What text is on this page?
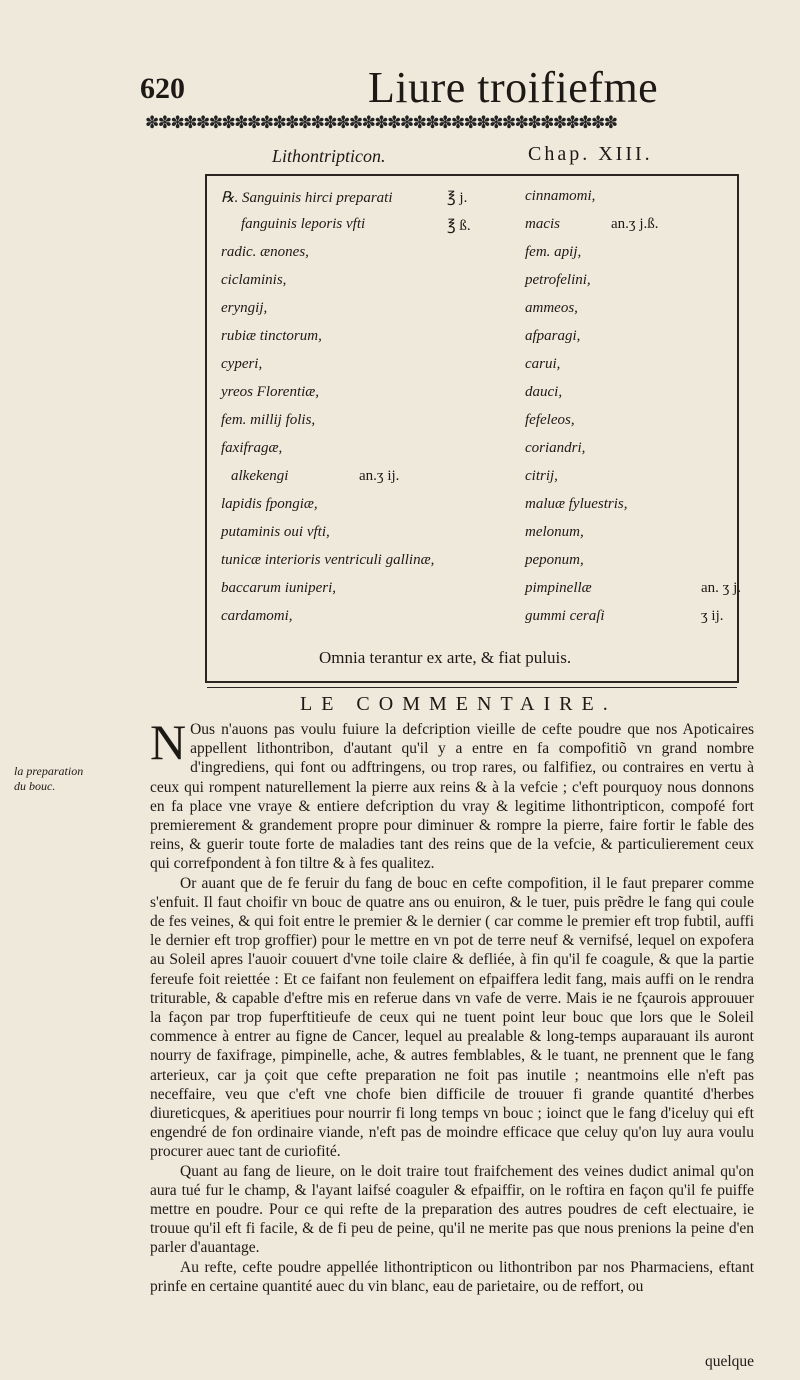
620	Liure troifiefme
✽✽✽✽✽✽✽✽✽✽✽✽✽✽✽✽✽✽✽✽✽✽✽✽✽✽✽✽✽✽✽✽✽✽✽✽✽
Lithontripticon.	Chap. XIII.
℞. Sanguinis hirci preparati	℥ j.
fanguinis leporis vfti	℥ ß.
radic. ænones,
ciclaminis,
eryngij,
rubiæ tinctorum,
cyperi,
yreos Florentiæ,
fem. millij folis,
faxifragæ,
alkekengi	an.ʒ ij.
lapidis fpongiæ,
putaminis oui vfti,
tunicæ interioris ventriculi gallinæ,
baccarum iuniperi,
cardamomi,
cinnamomi,
macis	an.ʒ j.ß.
fem. apij,
petrofelini,
ammeos,
afparagi,
carui,
dauci,
fefeleos,
coriandri,
citrij,
maluæ fyluestris,
melonum,
peponum,
pimpinellæ	an. ʒ j.
gummi ceraſi	ʒ ij.
Omnia terantur ex arte, & fiat puluis.
LE COMMENTAIRE.
la preparation du bouc.

N Ous n'auons pas voulu fuiure la defcription vieille de cefte poudre que nos Apoticaires appellent lithontribon, d'autant qu'il y a entre en fa compofitiõ vn grand nombre d'ingrediens, qui font ou adftringens, ou trop rares, ou falfifiez, ou contraires en vertu à ceux qui rompent naturellement la pierre aux reins & à la vefcie ; c'eft pourquoy nous donnons en fa place vne vraye & entiere defcription du vray & legitime lithontripticon, compofé fort premierement & grandement propre pour diminuer & rompre la pierre, faire fortir le fable des reins, & guerir toute forte de maladies tant des reins que de la vefcie, & particulierement ceux qui correfpondent à fon tiltre & à fes qualitez.

Or auant que de fe feruir du fang de bouc en cefte compofition, il le faut preparer comme s'enfuit. Il faut choifir vn bouc de quatre ans ou enuiron, & le tuer, puis prẽdre le fang qui coule de fes veines, & qui foit entre le premier & le dernier ( car comme le premier eft trop fubtil, auffi le dernier eft trop groffier) pour le mettre en vn pot de terre neuf & vernifsé, lequel on expofera au Soleil apres l'auoir couuert d'vne toile claire & defliée, à fin qu'il fe coagule, & que la partie fereufe foit reiettée : Et ce faifant non feulement on efpaiffera ledit fang, mais auffi on le rendra triturable, & capable d'eftre mis en referue dans vn vafe de verre. Mais ie ne fçaurois approuuer la façon par trop fuperftitieufe de ceux qui ne tuent point leur bouc que lors que le Soleil commence à entrer au figne de Cancer, lequel au prealable & long-temps auparauant ils auront nourry de faxifrage, pimpinelle, ache, & autres femblables, & le tuant, ne prennent que le fang arterieux, car ja çoit que cefte preparation ne foit pas inutile ; neantmoins elle n'eft pas neceffaire, veu que c'eft vne chofe bien difficile de trouuer fi grande quantité d'herbes diureticques, & aperitiues pour nourrir fi long temps vn bouc ; ioinct que le fang d'iceluy qui eft engendré de fon ordinaire viande, n'eft pas de moindre efficace que celuy qu'on luy aura voulu procurer auec tant de curiofité.

Quant au fang de lieure, on le doit traire tout fraifchement des veines dudict animal qu'on aura tué fur le champ, & l'ayant laifsé coaguler & efpaiffir, on le roftira en façon qu'il fe puiffe mettre en poudre. Pour ce qui refte de la preparation des autres poudres de ceft electuaire, ie trouue qu'il eft fi facile, & de fi peu de peine, qu'il ne merite pas que nous prenions la peine d'en parler d'auantage.

Au refte, cefte poudre appellée lithontripticon ou lithontribon par nos Pharmaciens, eftant prinfe en certaine quantité auec du vin blanc, eau de parietaire, ou de reffort, ou

quelque
